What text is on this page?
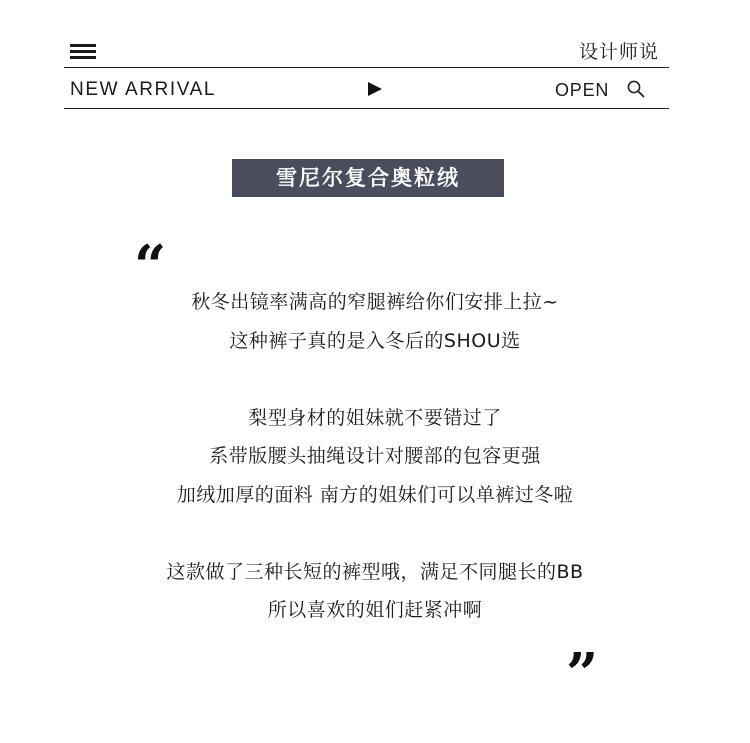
设计师说
NEW ARRIVAL	OPEN
雪尼尔复合奥粒绒
“
秋冬出镜率满高的窄腿裤给你们安排上拉~
这种裤子真的是入冬后的SHOU选
梨型身材的姐妹就不要错过了
系带版腰头抽绳设计对腰部的包容更强
加绒加厚的面料 南方的姐妹们可以单裤过冬啦
这款做了三种长短的裤型哦，满足不同腿长的BB
所以喜欢的姐们赶紧冲啊
”
